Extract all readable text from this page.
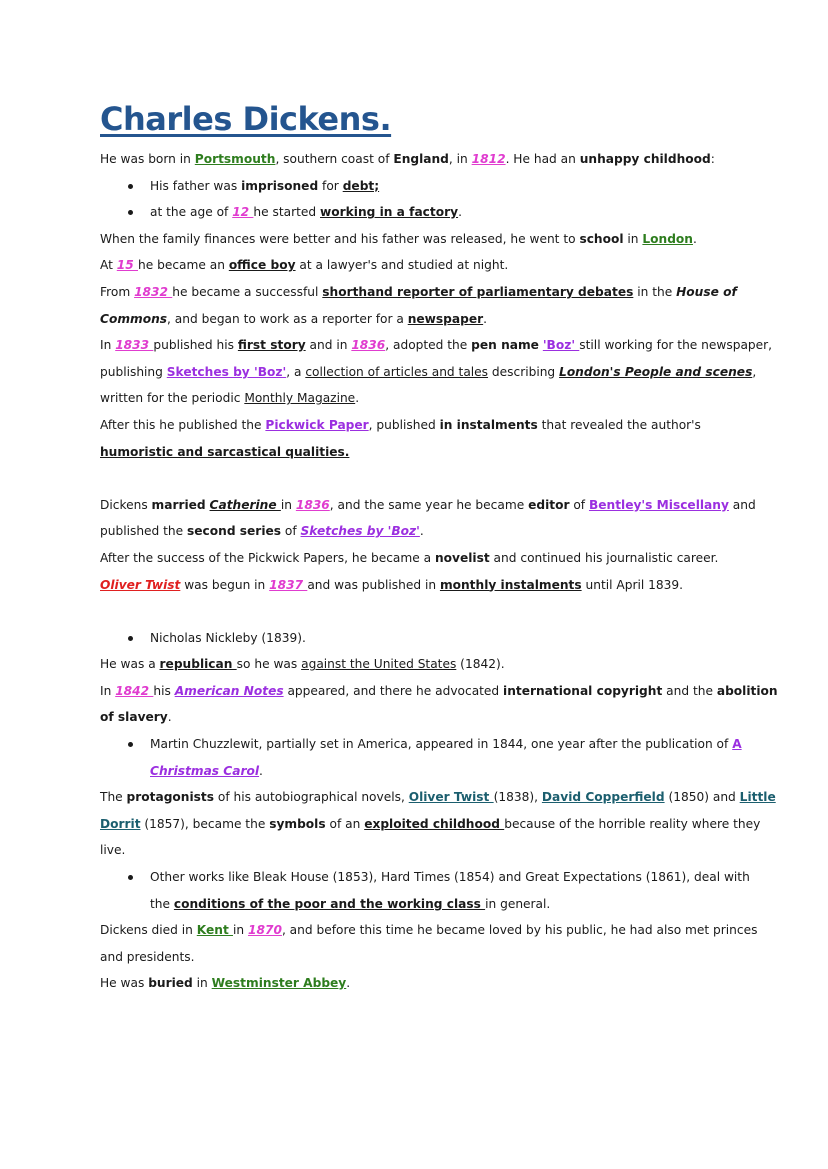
Charles Dickens.
He was born in Portsmouth, southern coast of England, in 1812. He had an unhappy childhood:
His father was imprisoned for debt;
at the age of 12 he started working in a factory.
When the family finances were better and his father was released, he went to school in London.
At 15 he became an office boy at a lawyer's and studied at night.
From 1832 he became a successful shorthand reporter of parliamentary debates in the House of
Commons, and began to work as a reporter for a newspaper.
In 1833 published his first story and in 1836, adopted the pen name 'Boz' still working for the newspaper,
publishing Sketches by 'Boz', a collection of articles and tales describing London's People and scenes,
written for the periodic Monthly Magazine.
After this he published the Pickwick Paper, published in instalments that revealed the author's
humoristic and sarcastical qualities.
Dickens married Catherine in 1836, and the same year he became editor of Bentley's Miscellany and
published the second series of Sketches by 'Boz'.
After the success of the Pickwick Papers, he became a novelist and continued his journalistic career.
Oliver Twist was begun in 1837 and was published in monthly instalments until April 1839.
Nicholas Nickleby (1839).
He was a republican so he was against the United States (1842).
In 1842 his American Notes appeared, and there he advocated international copyright and the abolition
of slavery.
Martin Chuzzlewit, partially set in America, appeared in 1844, one year after the publication of A
Christmas Carol.
The protagonists of his autobiographical novels, Oliver Twist (1838), David Copperfield (1850) and Little
Dorrit (1857), became the symbols of an exploited childhood because of the horrible reality where they
live.
Other works like Bleak House (1853), Hard Times (1854) and Great Expectations (1861), deal with
the conditions of the poor and the working class in general.
Dickens died in Kent in 1870, and before this time he became loved by his public, he had also met princes
and presidents.
He was buried in Westminster Abbey.
